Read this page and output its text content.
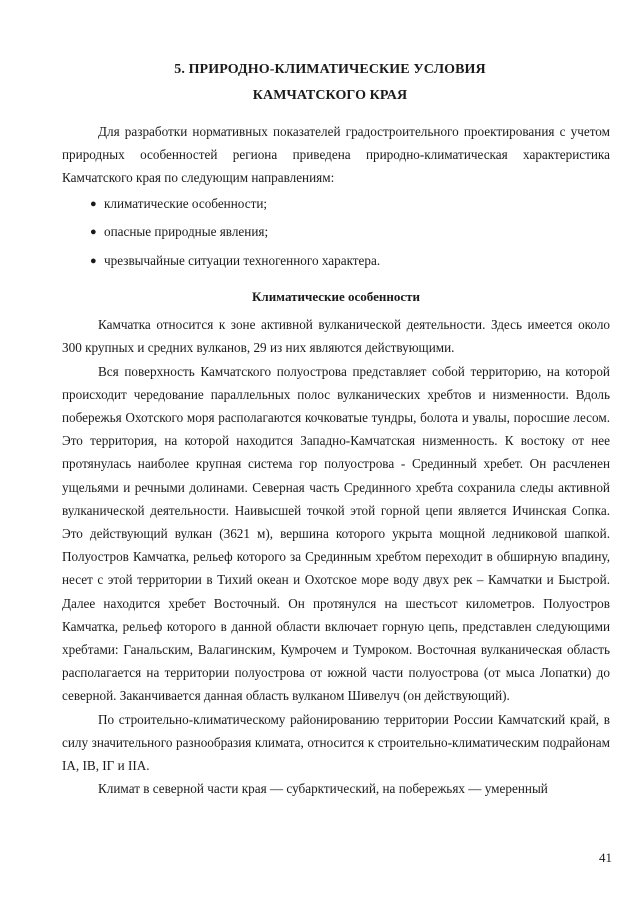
5. ПРИРОДНО-КЛИМАТИЧЕСКИЕ УСЛОВИЯ
КАМЧАТСКОГО КРАЯ

Для разработки нормативных показателей градостроительного проектирования с учетом природных особенностей региона приведена природно-климатическая характеристика Камчатского края по следующим направлениям:

● климатические особенности;
● опасные природные явления;
● чрезвычайные ситуации техногенного характера.
Климатические особенности

Камчатка относится к зоне активной вулканической деятельности. Здесь имеется около 300 крупных и средних вулканов, 29 из них являются действующими.

Вся поверхность Камчатского полуострова представляет собой территорию, на которой происходит чередование параллельных полос вулканических хребтов и низменности. Вдоль побережья Охотского моря располагаются кочковатые тундры, болота и увалы, поросшие лесом. Это территория, на которой находится Западно-Камчатская низменность. К востоку от нее протянулась наиболее крупная система гор полуострова - Срединный хребет. Он расчленен ущельями и речными долинами. Северная часть Срединного хребта сохранила следы активной вулканической деятельности. Наивысшей точкой этой горной цепи является Ичинская Сопка. Это действующий вулкан (3621 м), вершина которого укрыта мощной ледниковой шапкой. Полуостров Камчатка, рельеф которого за Срединным хребтом переходит в обширную впадину, несет с этой территории в Тихий океан и Охотское море воду двух рек – Камчатки и Быстрой. Далее находится хребет Восточный. Он протянулся на шестьсот километров. Полуостров Камчатка, рельеф которого в данной области включает горную цепь, представлен следующими хребтами: Ганальским, Валагинским, Кумрочем и Тумроком. Восточная вулканическая область располагается на территории полуострова от южной части полуострова (от мыса Лопатки) до северной. Заканчивается данная область вулканом Шивелуч (он действующий).

По строительно-климатическому районированию территории России Камчатский край, в силу значительного разнообразия климата, относится к строительно-климатическим подрайонам IА, IВ, IГ и IIА.

Климат в северной части края — субарктический, на побережьях — умеренный

41
